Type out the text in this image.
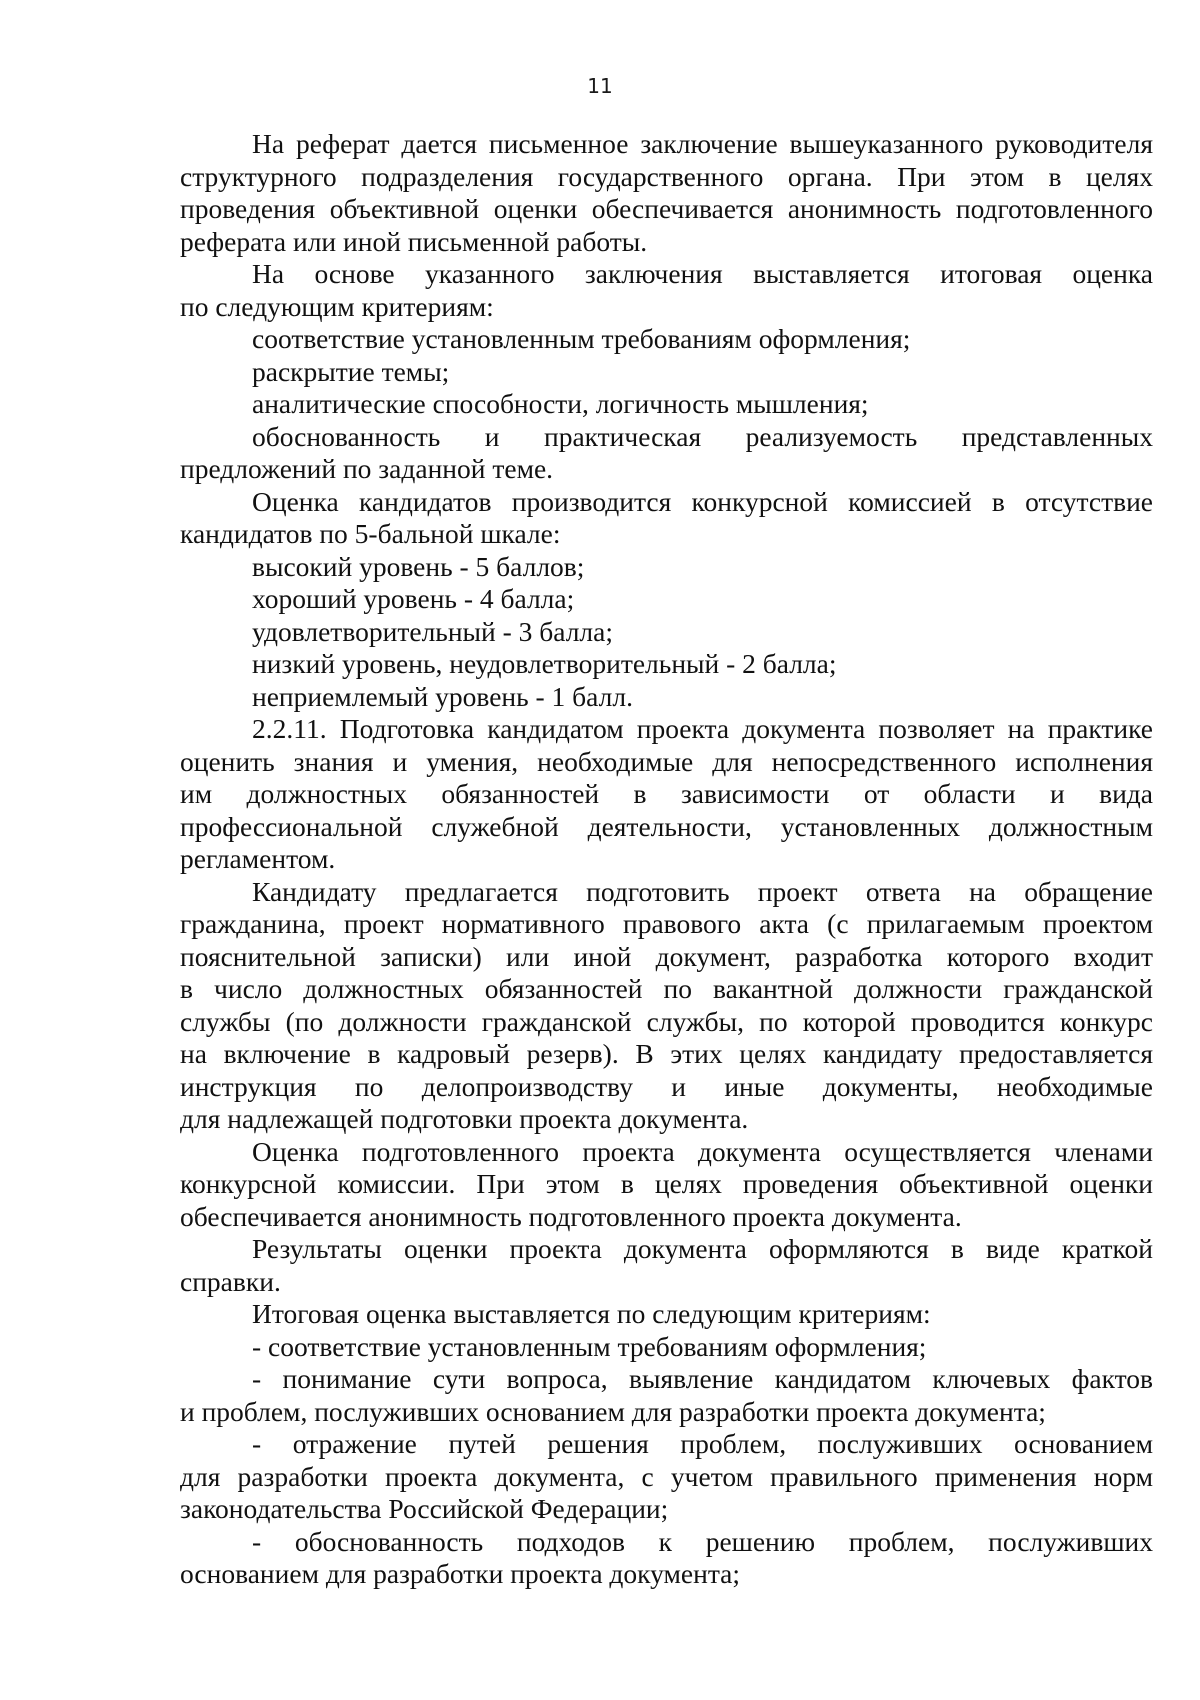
11
На реферат дается письменное заключение вышеуказанного руководителя
структурного подразделения государственного органа. При этом в целях
проведения объективной оценки обеспечивается анонимность подготовленного
реферата или иной письменной работы.
На основе указанного заключения выставляется итоговая оценка
по следующим критериям:
соответствие установленным требованиям оформления;
раскрытие темы;
аналитические способности, логичность мышления;
обоснованность и практическая реализуемость представленных
предложений по заданной теме.
Оценка кандидатов производится конкурсной комиссией в отсутствие
кандидатов по 5-бальной шкале:
высокий уровень - 5 баллов;
хороший уровень - 4 балла;
удовлетворительный - 3 балла;
низкий уровень, неудовлетворительный - 2 балла;
неприемлемый уровень - 1 балл.
2.2.11. Подготовка кандидатом проекта документа позволяет на практике
оценить знания и умения, необходимые для непосредственного исполнения
им должностных обязанностей в зависимости от области и вида
профессиональной служебной деятельности, установленных должностным
регламентом.
Кандидату предлагается подготовить проект ответа на обращение
гражданина, проект нормативного правового акта (с прилагаемым проектом
пояснительной записки) или иной документ, разработка которого входит
в число должностных обязанностей по вакантной должности гражданской
службы (по должности гражданской службы, по которой проводится конкурс
на включение в кадровый резерв). В этих целях кандидату предоставляется
инструкция по делопроизводству и иные документы, необходимые
для надлежащей подготовки проекта документа.
Оценка подготовленного проекта документа осуществляется членами
конкурсной комиссии. При этом в целях проведения объективной оценки
обеспечивается анонимность подготовленного проекта документа.
Результаты оценки проекта документа оформляются в виде краткой
справки.
Итоговая оценка выставляется по следующим критериям:
- соответствие установленным требованиям оформления;
- понимание сути вопроса, выявление кандидатом ключевых фактов
и проблем, послуживших основанием для разработки проекта документа;
- отражение путей решения проблем, послуживших основанием
для разработки проекта документа, с учетом правильного применения норм
законодательства Российской Федерации;
- обоснованность подходов к решению проблем, послуживших
основанием для разработки проекта документа;
